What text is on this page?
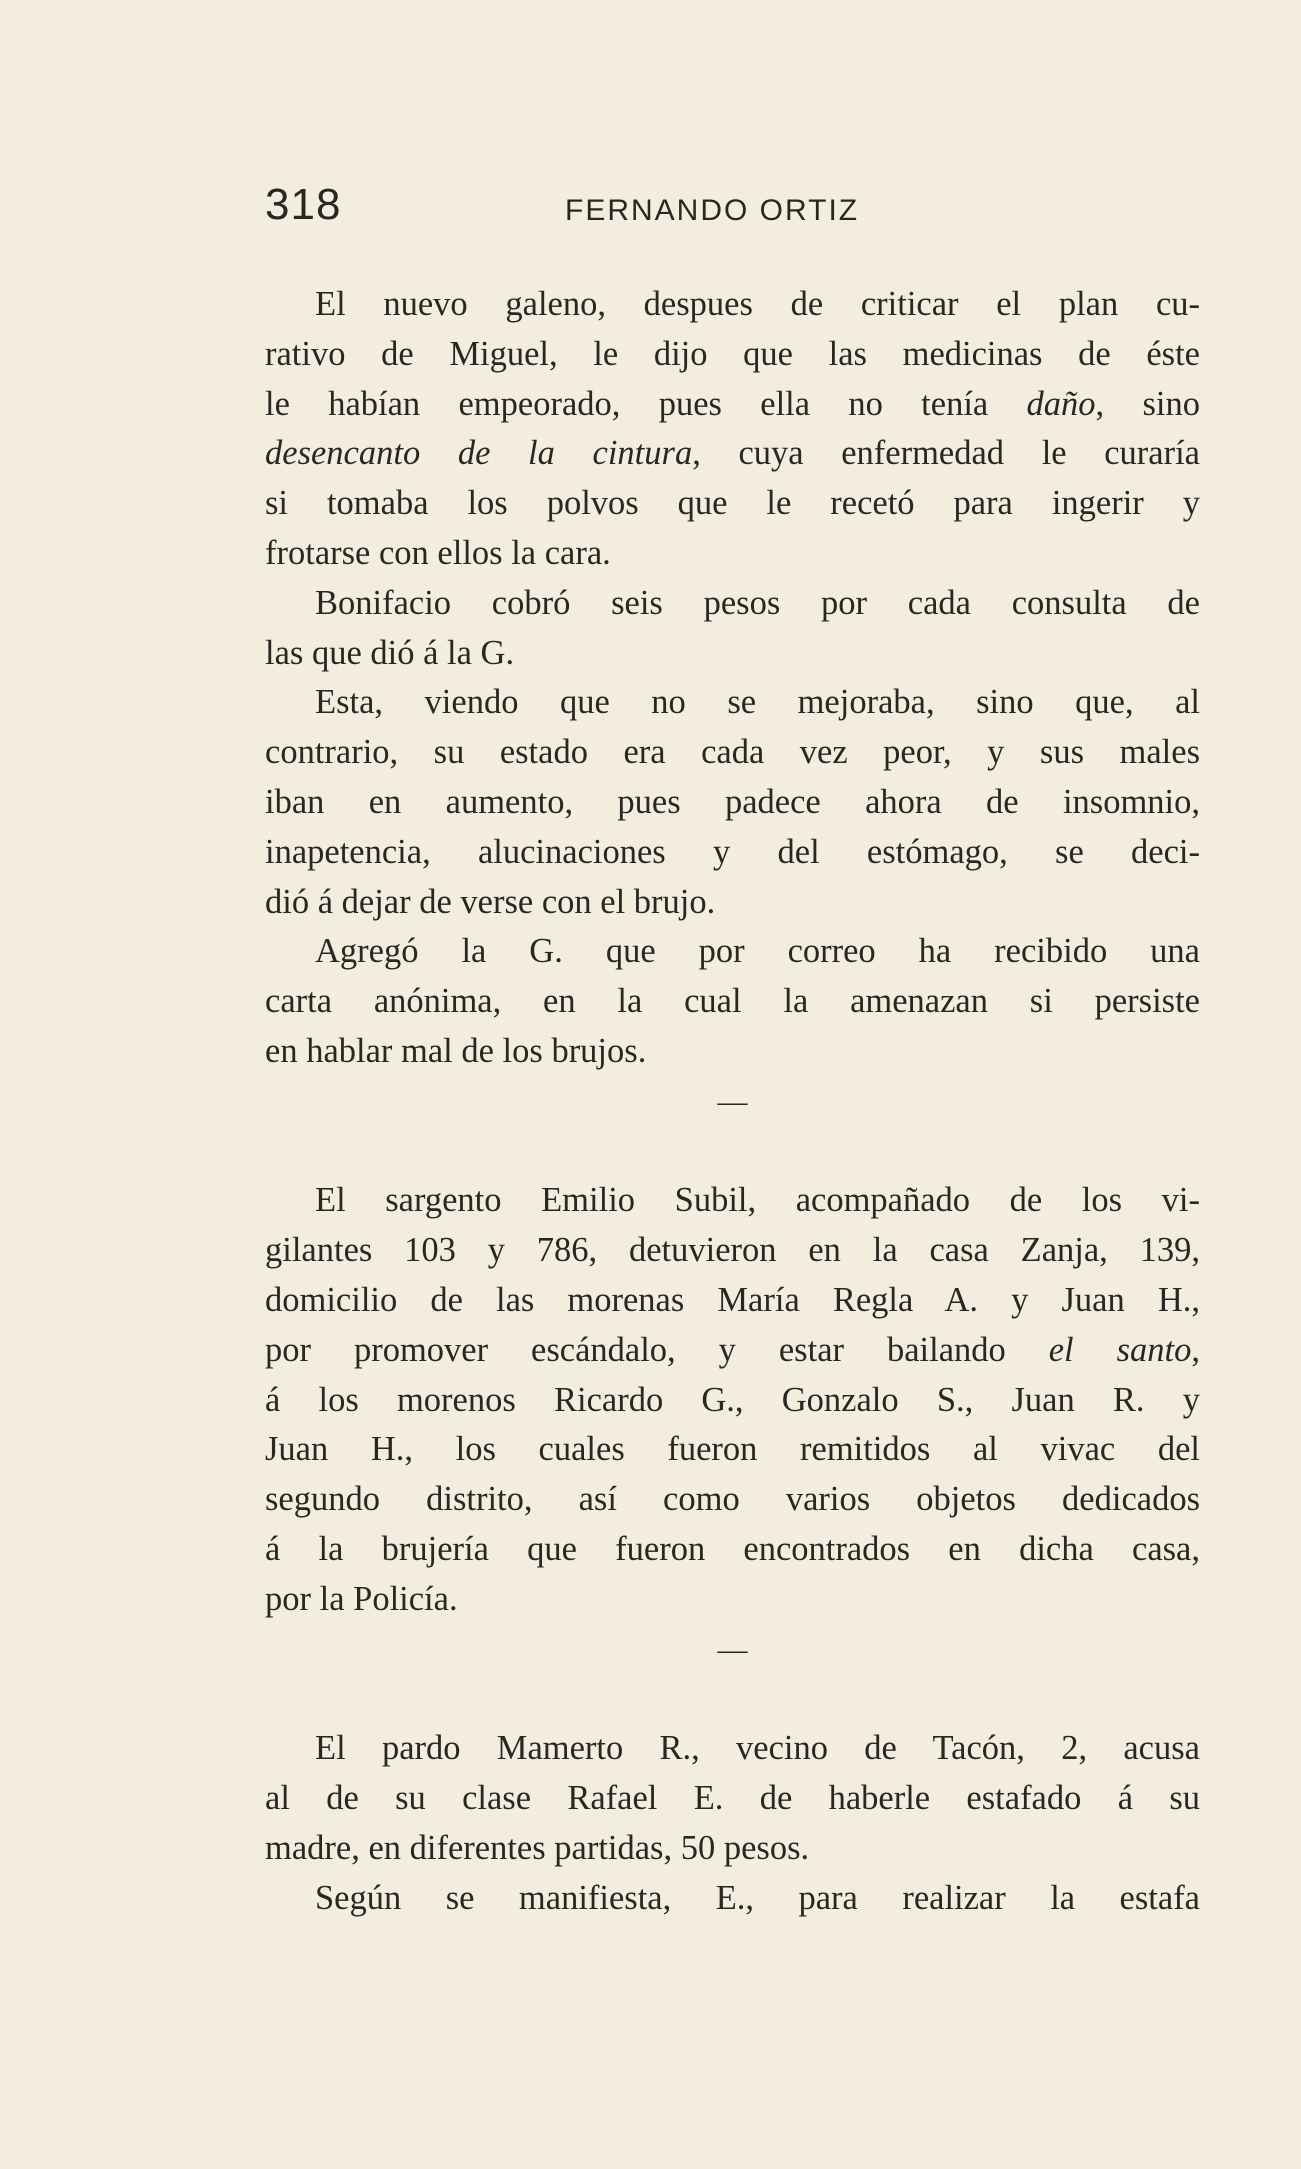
318	FERNANDO ORTIZ
El nuevo galeno, despues de criticar el plan cu-
rativo de Miguel, le dijo que las medicinas de éste
le habían empeorado, pues ella no tenía daño, sino
desencanto de la cintura, cuya enfermedad le curaría
si tomaba los polvos que le recetó para ingerir y
frotarse con ellos la cara.
Bonifacio cobró seis pesos por cada consulta de
las que dió á la G.
Esta, viendo que no se mejoraba, sino que, al
contrario, su estado era cada vez peor, y sus males
iban en aumento, pues padece ahora de insomnio,
inapetencia, alucinaciones y del estómago, se deci-
dió á dejar de verse con el brujo.
Agregó la G. que por correo ha recibido una
carta anónima, en la cual la amenazan si persiste
en hablar mal de los brujos.
—
El sargento Emilio Subil, acompañado de los vi-
gilantes 103 y 786, detuvieron en la casa Zanja, 139,
domicilio de las morenas María Regla A. y Juan H.,
por promover escándalo, y estar bailando el santo,
á los morenos Ricardo G., Gonzalo S., Juan R. y
Juan H., los cuales fueron remitidos al vivac del
segundo distrito, así como varios objetos dedicados
á la brujería que fueron encontrados en dicha casa,
por la Policía.
—
El pardo Mamerto R., vecino de Tacón, 2, acusa
al de su clase Rafael E. de haberle estafado á su
madre, en diferentes partidas, 50 pesos.
Según se manifiesta, E., para realizar la estafa
